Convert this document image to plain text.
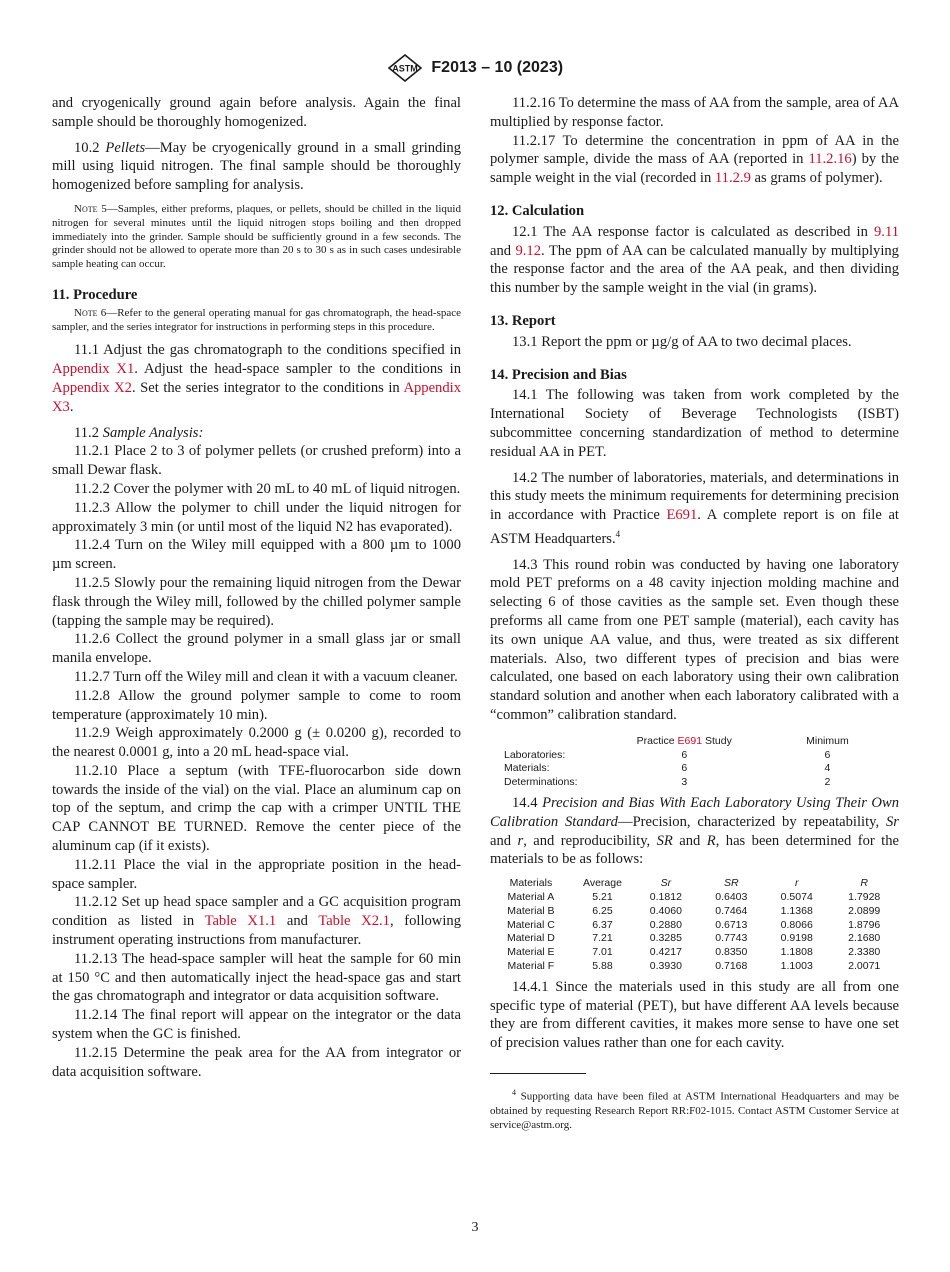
ASTM F2013 – 10 (2023)

and cryogenically ground again before analysis. Again the final sample should be thoroughly homogenized.

10.2 Pellets—May be cryogenically ground in a small grinding mill using liquid nitrogen. The final sample should be thoroughly homogenized before sampling for analysis.

Note 5—Samples, either preforms, plaques, or pellets, should be chilled in the liquid nitrogen for several minutes until the liquid nitrogen stops boiling and then dropped immediately into the grinder. Sample should be sufficiently ground in a few seconds. The grinder should not be allowed to operate more than 20 s to 30 s as in such cases undesirable sample heating can occur.

11. Procedure

Note 6—Refer to the general operating manual for gas chromatograph, the head-space sampler, and the series integrator for instructions in performing steps in this procedure.

11.1 Adjust the gas chromatograph to the conditions specified in Appendix X1. Adjust the head-space sampler to the conditions in Appendix X2. Set the series integrator to the conditions in Appendix X3.

11.2 Sample Analysis:

11.2.1 Place 2 to 3 of polymer pellets (or crushed preform) into a small Dewar flask.

11.2.2 Cover the polymer with 20 mL to 40 mL of liquid nitrogen.

11.2.3 Allow the polymer to chill under the liquid nitrogen for approximately 3 min (or until most of the liquid N2 has evaporated).

11.2.4 Turn on the Wiley mill equipped with a 800 µm to 1000 µm screen.

11.2.5 Slowly pour the remaining liquid nitrogen from the Dewar flask through the Wiley mill, followed by the chilled polymer sample (tapping the sample may be required).

11.2.6 Collect the ground polymer in a small glass jar or small manila envelope.

11.2.7 Turn off the Wiley mill and clean it with a vacuum cleaner.

11.2.8 Allow the ground polymer sample to come to room temperature (approximately 10 min).

11.2.9 Weigh approximately 0.2000 g (± 0.0200 g), recorded to the nearest 0.0001 g, into a 20 mL head-space vial.

11.2.10 Place a septum (with TFE-fluorocarbon side down towards the inside of the vial) on the vial. Place an aluminum cap on top of the septum, and crimp the cap with a crimper UNTIL THE CAP CANNOT BE TURNED. Remove the center piece of the aluminum cap (if it exists).

11.2.11 Place the vial in the appropriate position in the head-space sampler.

11.2.12 Set up head space sampler and a GC acquisition program condition as listed in Table X1.1 and Table X2.1, following instrument operating instructions from manufacturer.

11.2.13 The head-space sampler will heat the sample for 60 min at 150 °C and then automatically inject the head-space gas and start the gas chromatograph and integrator or data acquisition software.

11.2.14 The final report will appear on the integrator or the data system when the GC is finished.

11.2.15 Determine the peak area for the AA from integrator or data acquisition software.

11.2.16 To determine the mass of AA from the sample, area of AA multiplied by response factor.

11.2.17 To determine the concentration in ppm of AA in the polymer sample, divide the mass of AA (reported in 11.2.16) by the sample weight in the vial (recorded in 11.2.9 as grams of polymer).

12. Calculation

12.1 The AA response factor is calculated as described in 9.11 and 9.12. The ppm of AA can be calculated manually by multiplying the response factor and the area of the AA peak, and then dividing this number by the sample weight in the vial (in grams).

13. Report

13.1 Report the ppm or µg/g of AA to two decimal places.

14. Precision and Bias

14.1 The following was taken from work completed by the International Society of Beverage Technologists (ISBT) subcommittee concerning standardization of method to determine residual AA in PET.

14.2 The number of laboratories, materials, and determinations in this study meets the minimum requirements for determining precision in accordance with Practice E691. A complete report is on file at ASTM Headquarters.$^4$

14.3 This round robin was conducted by having one laboratory mold PET preforms on a 48 cavity injection molding machine and selecting 6 of those cavities as the sample set. Even though these preforms all came from one PET sample (material), each cavity has its own unique AA value, and thus, were treated as six different materials. Also, two different types of precision and bias were calculated, one based on each laboratory using their own calibration standard solution and another when each laboratory calibrated with a “common” calibration standard.

	Practice E691 Study	Minimum
Laboratories:	6	6
Materials:	6	4
Determinations:	3	2

14.4 Precision and Bias With Each Laboratory Using Their Own Calibration Standard—Precision, characterized by repeatability, Sr and r, and reproducibility, SR and R, has been determined for the materials to be as follows:

Materials	Average	Sr	SR	r	R
Material A	5.21	0.1812	0.6403	0.5074	1.7928
Material B	6.25	0.4060	0.7464	1.1368	2.0899
Material C	6.37	0.2880	0.6713	0.8066	1.8796
Material D	7.21	0.3285	0.7743	0.9198	2.1680
Material E	7.01	0.4217	0.8350	1.1808	2.3380
Material F	5.88	0.3930	0.7168	1.1003	2.0071

14.4.1 Since the materials used in this study are all from one specific type of material (PET), but have different AA levels because they are from different cavities, it makes more sense to have one set of precision values rather than one for each cavity.

$^4$ Supporting data have been filed at ASTM International Headquarters and may be obtained by requesting Research Report RR:F02-1015. Contact ASTM Customer Service at service@astm.org.

3
